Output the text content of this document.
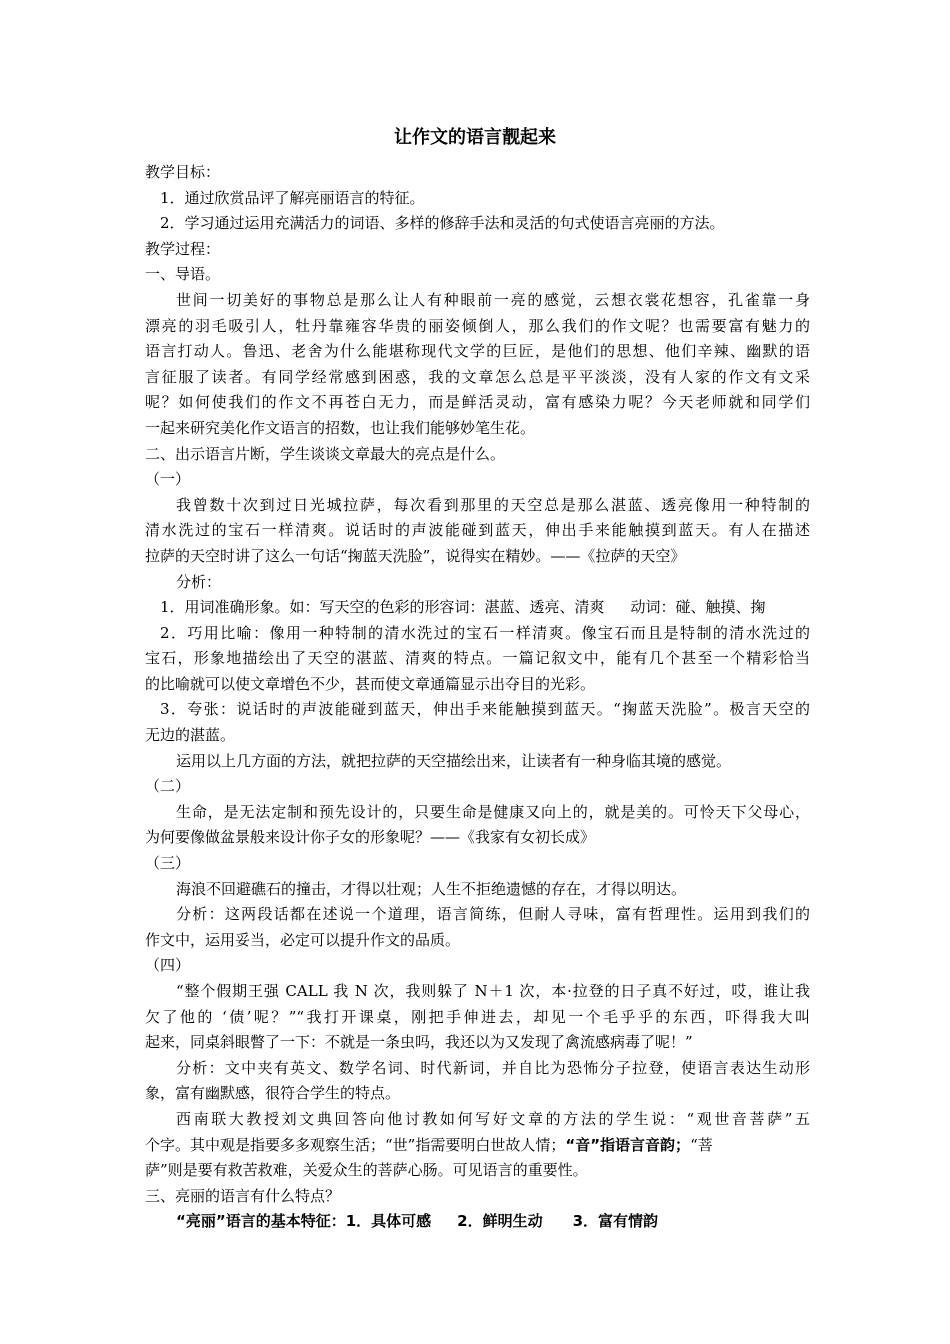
让作文的语言靓起来
教学目标：
1．通过欣赏品评了解亮丽语言的特征。
2．学习通过运用充满活力的词语、多样的修辞手法和灵活的句式使语言亮丽的方法。
教学过程：
一、导语。
世间一切美好的事物总是那么让人有种眼前一亮的感觉，云想衣裳花想容，孔雀靠一身
漂亮的羽毛吸引人，牡丹靠雍容华贵的丽姿倾倒人，那么我们的作文呢？也需要富有魅力的
语言打动人。鲁迅、老舍为什么能堪称现代文学的巨匠，是他们的思想、他们辛辣、幽默的语
言征服了读者。有同学经常感到困惑，我的文章怎么总是平平淡淡，没有人家的作文有文采
呢？如何使我们的作文不再苍白无力，而是鲜活灵动，富有感染力呢？今天老师就和同学们
一起来研究美化作文语言的招数，也让我们能够妙笔生花。
二、出示语言片断，学生谈谈文章最大的亮点是什么。
（一）
我曾数十次到过日光城拉萨，每次看到那里的天空总是那么湛蓝、透亮像用一种特制的
清水洗过的宝石一样清爽。说话时的声波能碰到蓝天，伸出手来能触摸到蓝天。有人在描述
拉萨的天空时讲了这么一句话“掬蓝天洗脸”，说得实在精妙。——《拉萨的天空》
分析：
1．用词准确形象。如：写天空的色彩的形容词：湛蓝、透亮、清爽 动词：碰、触摸、掬
2．巧用比喻：像用一种特制的清水洗过的宝石一样清爽。像宝石而且是特制的清水洗过的
宝石，形象地描绘出了天空的湛蓝、清爽的特点。一篇记叙文中，能有几个甚至一个精彩恰当
的比喻就可以使文章增色不少，甚而使文章通篇显示出夺目的光彩。
3．夸张：说话时的声波能碰到蓝天，伸出手来能触摸到蓝天。“掬蓝天洗脸”。极言天空的
无边的湛蓝。
运用以上几方面的方法，就把拉萨的天空描绘出来，让读者有一种身临其境的感觉。
（二）
生命，是无法定制和预先设计的，只要生命是健康又向上的，就是美的。可怜天下父母心，
为何要像做盆景般来设计你子女的形象呢？——《我家有女初长成》
（三）
海浪不回避礁石的撞击，才得以壮观；人生不拒绝遗憾的存在，才得以明达。
分析：这两段话都在述说一个道理，语言简练，但耐人寻味，富有哲理性。运用到我们的
作文中，运用妥当，必定可以提升作文的品质。
（四）
“整个假期王强 CALL 我 N 次，我则躲了 N＋1 次，本·拉登的日子真不好过，哎，谁让我
欠了他的 ‘债’呢？”“我打开课桌，刚把手伸进去，却见一个毛乎乎的东西，吓得我大叫
起来，同桌斜眼瞥了一下：不就是一条虫吗，我还以为又发现了禽流感病毒了呢！”
分析：文中夹有英文、数学名词、时代新词，并自比为恐怖分子拉登，使语言表达生动形
象，富有幽默感，很符合学生的特点。
西南联大教授刘文典回答向他讨教如何写好文章的方法的学生说：“观世音菩萨”五
个字。其中观是指要多多观察生活；“世”指需要明白世故人情；“音”指语言音韵；“菩
萨”则是要有救苦救难，关爱众生的菩萨心肠。可见语言的重要性。
三、亮丽的语言有什么特点？
“亮丽”语言的基本特征：1．具体可感 2．鲜明生动 3．富有情韵
